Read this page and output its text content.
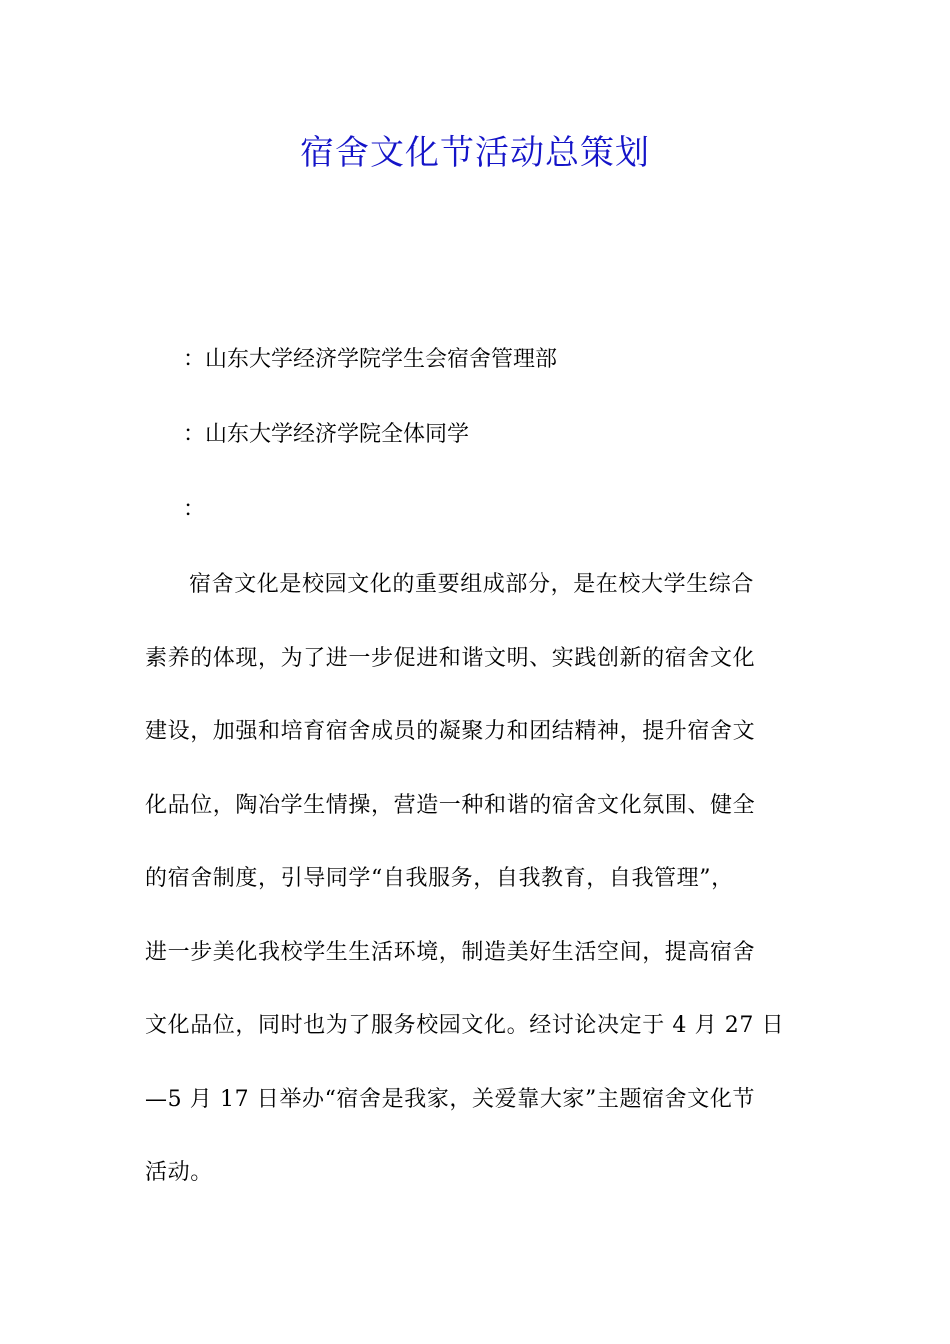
宿舍文化节活动总策划
：山东大学经济学院学生会宿舍管理部
：山东大学经济学院全体同学
：
宿舍文化是校园文化的重要组成部分，是在校大学生综合
素养的体现，为了进一步促进和谐文明、实践创新的宿舍文化
建设，加强和培育宿舍成员的凝聚力和团结精神，提升宿舍文
化品位，陶冶学生情操，营造一种和谐的宿舍文化氛围、健全
的宿舍制度，引导同学“自我服务，自我教育，自我管理”，
进一步美化我校学生生活环境，制造美好生活空间，提高宿舍
文化品位，同时也为了服务校园文化。经讨论决定于 4 月 27 日
—5 月 17 日举办“宿舍是我家，关爱靠大家”主题宿舍文化节
活动。
